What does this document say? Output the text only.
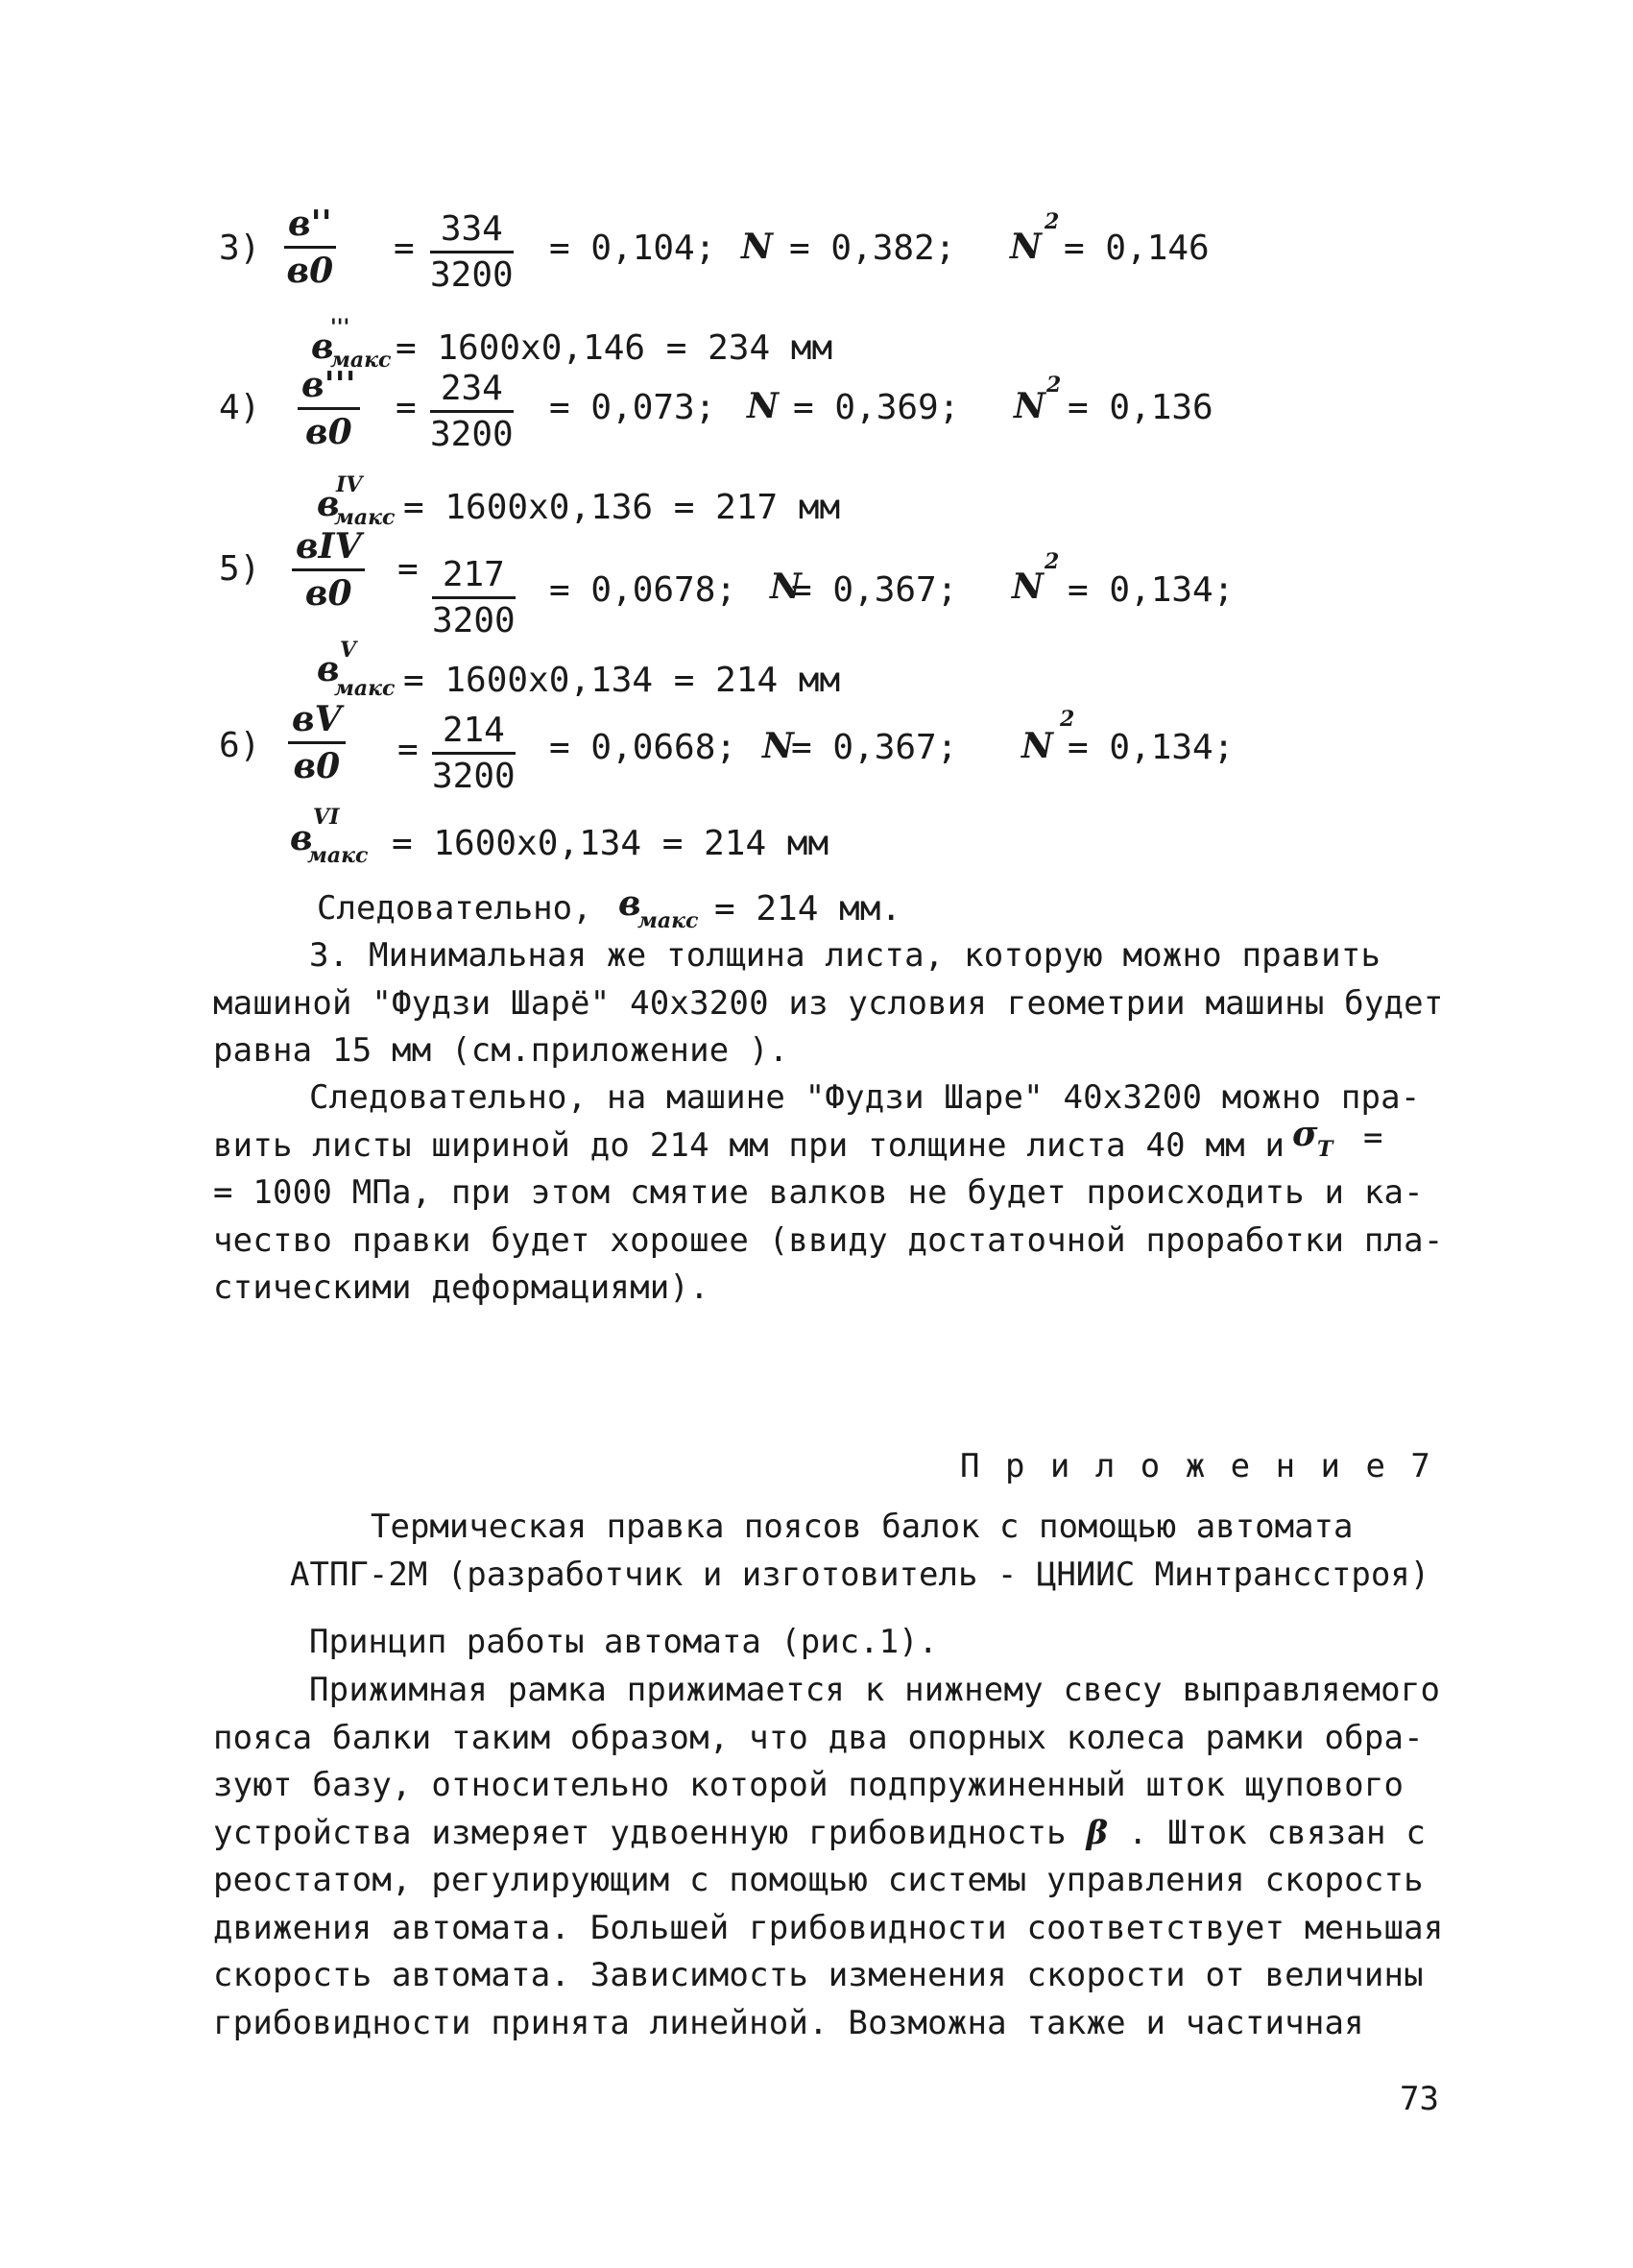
3)
в''
в0
= $\frac{334}{3200} = 0,104$; N = 0,382; N
2
= 0,146
в
'''
макс = 1600х0,146 = 234 мм
4)
в'''
в0
= $\frac{234}{3200} = 0,073$; N = 0,369; N
2
= 0,136
в
IV
макс = 1600х0,136 = 217 мм
5)
вIV
в0
= $\frac{217}{3200} = 0,0678$; N
= 0,367; N
2
= 0,134;
в V
макс = 1600х0,134 = 214 мм
6)
вV
$в0 = \frac{214}{3200} = 0,0668$; N
= 0,367; N
2
= 0,134;
в
VI
макс = 1600х0,134 = 214 мм
Следовательно, в
макс = 214 мм.
3. Минимальная же толщина листа, которую можно править
машиной "Фудзи Шарё" 40х3200 из условия геометрии машины будет
равна 15 мм (см.приложение ).
Следовательно, на машине "Фудзи Шаре" 40х3200 можно пра-
вить листы шириной до 214 мм при толщине листа 40 мм и
= 1000 МПа, при этом смятие валков не будет происходить и ка-
чество правки будет хорошее (ввиду достаточной проработки пла-
стическими деформациями).
σ T =
П р и л о ж е н и е 7
Термическая правка поясов балок с помощью автомата
АТПГ-2М (разработчик и изготовитель - ЦНИИС Минтрансстроя)
Принцип работы автомата (рис.1).
Прижимная рамка прижимается к нижнему свесу выправляемого
пояса балки таким образом, что два опорных колеса рамки обра-
зуют базу, относительно которой подпружиненный шток щупового
устройства измеряет удвоенную грибовидность β . Шток связан с
реостатом, регулирующим с помощью системы управления скорость
движения автомата. Большей грибовидности соответствует меньшая
скорость автомата. Зависимость изменения скорости от величины
грибовидности принята линейной. Возможна также и частичная
73
